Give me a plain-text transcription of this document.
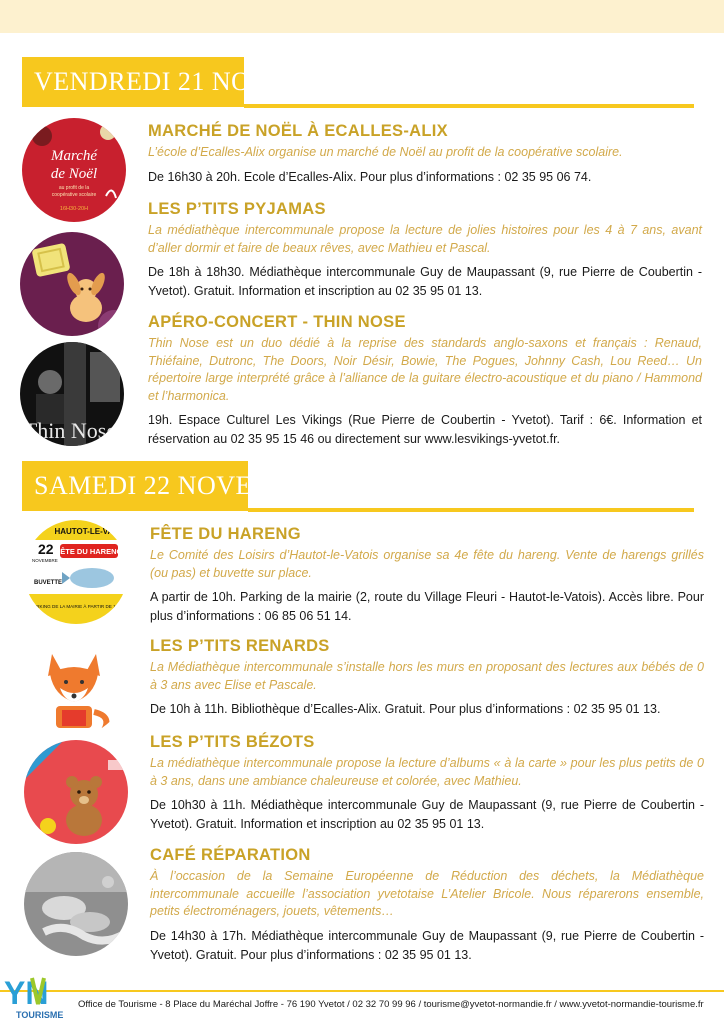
VENDREDI 21 NOVEMBRE
Marché
de Noël
au profit de la
coopérative scolaire
16H30-20H
MARCHÉ DE NOËL À ECALLES-ALIX
L’école d’Ecalles-Alix organise un marché de Noël au profit de la coopérative scolaire.
De 16h30 à 20h. Ecole d’Ecalles-Alix. Pour plus d’informations : 02 35 95 06 74.
LES P’TITS PYJAMAS
La médiathèque intercommunale propose la lecture de jolies histoires pour les 4 à 7 ans, avant d’aller dormir et faire de beaux rêves, avec Mathieu et Pascal.
De 18h à 18h30. Médiathèque intercommunale Guy de Maupassant (9, rue Pierre de Coubertin - Yvetot). Gratuit. Information et inscription au 02 35 95 01 13.
Thin Nose
APÉRO-CONCERT - THIN NOSE
Thin Nose est un duo dédié à la reprise des standards anglo-saxons et français : Renaud, Thiéfaine, Dutronc, The Doors, Noir Désir, Bowie, The Pogues, Johnny Cash, Lou Reed… Un répertoire large interprété grâce à l’alliance de la guitare électro-acoustique et du piano / Hammond et l’harmonica.
19h. Espace Culturel Les Vikings (Rue Pierre de Coubertin - Yvetot). Tarif : 6€. Information et réservation au 02 35 95 15 46 ou directement sur www.lesvikings-yvetot.fr.
SAMEDI 22 NOVEMBRE
HAUTOT-LE-VAT
22
NOVEMBRE
FÊTE DU HARENG
BUVETTE
PARKING DE LA MAIRIE À PARTIR DE 10H
FÊTE DU HARENG
Le Comité des Loisirs d’Hautot-le-Vatois organise sa 4e fête du hareng. Vente de harengs grillés (ou pas) et buvette sur place.
A partir de 10h. Parking de la mairie (2, route du Village Fleuri - Hautot-le-Vatois). Accès libre. Pour plus d’informations : 06 85 06 51 14.
LES P’TITS RENARDS
La Médiathèque intercommunale s’installe hors les murs en proposant des lectures aux bébés de 0 à 3 ans avec Elise et Pascale.
De 10h à 11h. Bibliothèque d’Ecalles-Alix. Gratuit. Pour plus d’informations : 02 35 95 01 13.
LES P’TITS BÉZOTS
La médiathèque intercommunale propose la lecture d’albums « à la carte » pour les plus petits de 0 à 3 ans, dans une ambiance chaleureuse et colorée, avec Mathieu.
De 10h30 à 11h. Médiathèque intercommunale Guy de Maupassant (9, rue Pierre de Coubertin - Yvetot). Gratuit. Information et inscription au 02 35 95 01 13.
CAFÉ RÉPARATION
À l’occasion de la Semaine Européenne de Réduction des déchets, la Médiathèque intercommunale accueille l’association yvetotaise L’Atelier Bricole. Nous réparerons ensemble, petits électroménagers, jouets, vêtements…
De 14h30 à 17h. Médiathèque intercommunale Guy de Maupassant (9, rue Pierre de Coubertin - Yvetot). Gratuit. Pour plus d’informations : 02 35 95 01 13.
YN
TOURISME
Office de Tourisme - 8 Place du Maréchal Joffre - 76 190 Yvetot / 02 32 70 99 96 / tourisme@yvetot-normandie.fr / www.yvetot-normandie-tourisme.fr
